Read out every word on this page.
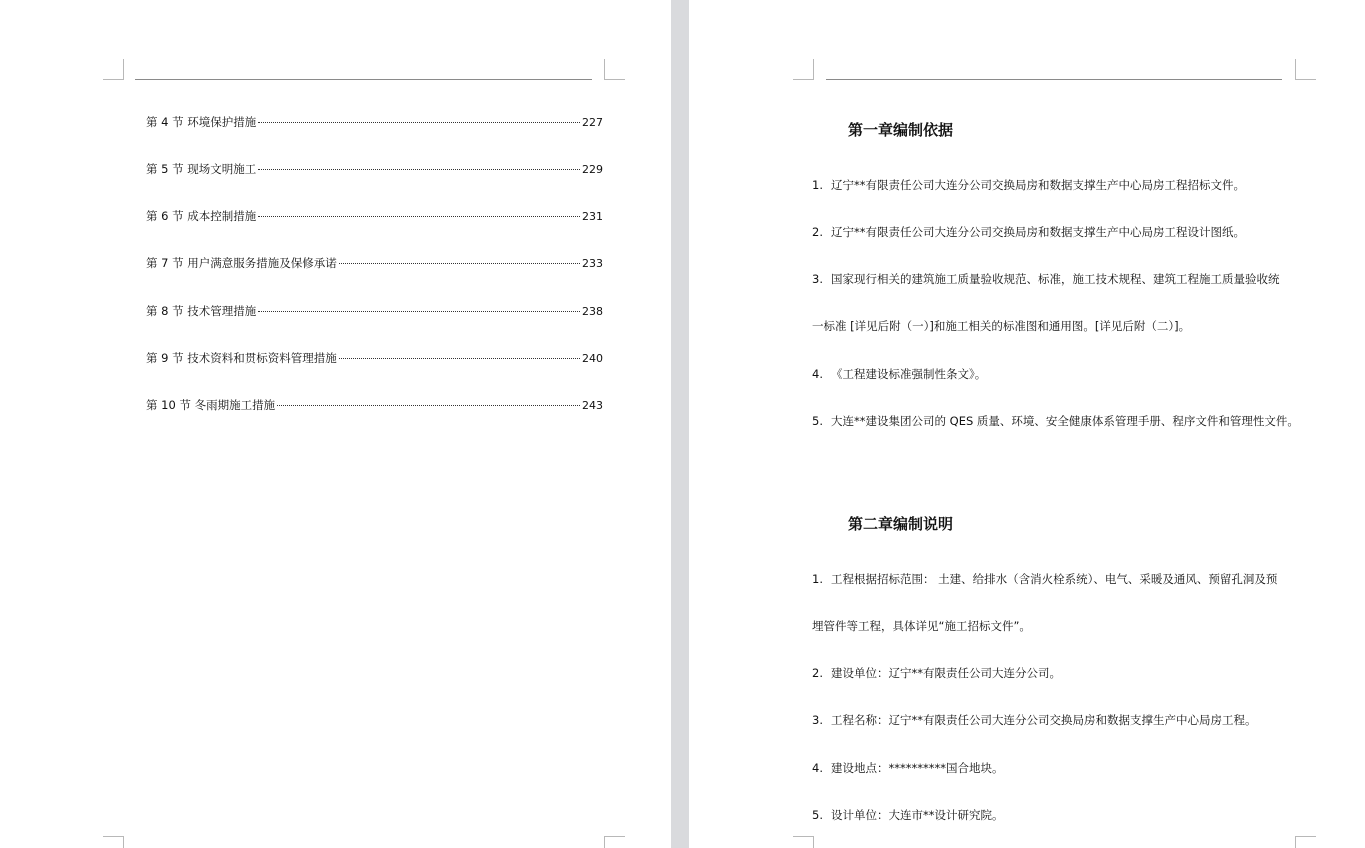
第 4 节 环境保护措施	227
第 5 节 现场文明施工	229
第 6 节 成本控制措施	231
第 7 节 用户满意服务措施及保修承诺	233
第 8 节 技术管理措施	238
第 9 节 技术资料和贯标资料管理措施	240
第 10 节 冬雨期施工措施	243
第一章编制依据
1. 辽宁**有限责任公司大连分公司交换局房和数据支撑生产中心局房工程招标文件。
2. 辽宁**有限责任公司大连分公司交换局房和数据支撑生产中心局房工程设计图纸。
3. 国家现行相关的建筑施工质量验收规范、标准，施工技术规程、建筑工程施工质量验收统
一标准 [详见后附（一）]和施工相关的标准图和通用图。[详见后附（二）]。
4. 《工程建设标准强制性条文》。
5. 大连**建设集团公司的 QES 质量、环境、安全健康体系管理手册、程序文件和管理性文件。
第二章编制说明
1. 工程根据招标范围： 土建、给排水（含消火栓系统）、电气、采暖及通风、预留孔洞及预
埋管件等工程，具体详见“施工招标文件”。
2. 建设单位：辽宁**有限责任公司大连分公司。
3. 工程名称：辽宁**有限责任公司大连分公司交换局房和数据支撑生产中心局房工程。
4. 建设地点：**********国合地块。
5. 设计单位：大连市**设计研究院。
